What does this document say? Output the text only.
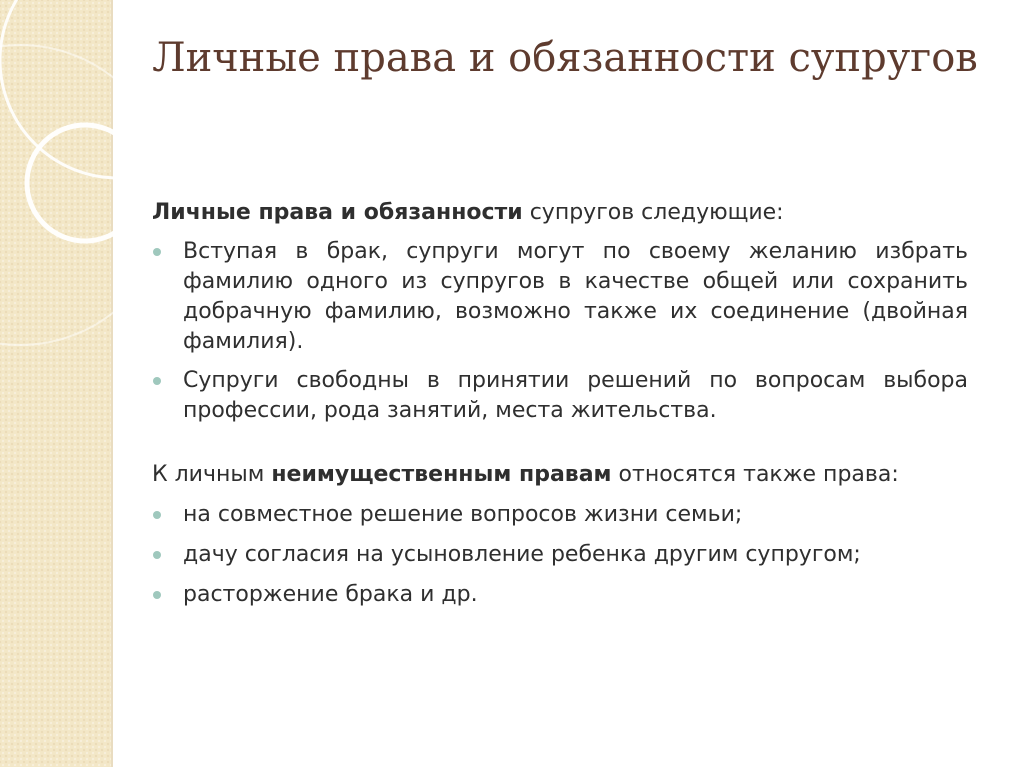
Личные права и обязанности супругов

Личные права и обязанности супругов следующие:

Вступая в брак, супруги могут по своему желанию избрать фамилию одного из супругов в качестве общей или сохранить добрачную фамилию, возможно также их соединение (двойная фамилия).
Супруги свободны в принятии решений по вопросам выбора профессии, рода занятий, места жительства.

К личным неимущественным правам относятся также права:

на совместное решение вопросов жизни семьи;
дачу согласия на усыновление ребенка другим супругом;
расторжение брака и др.
